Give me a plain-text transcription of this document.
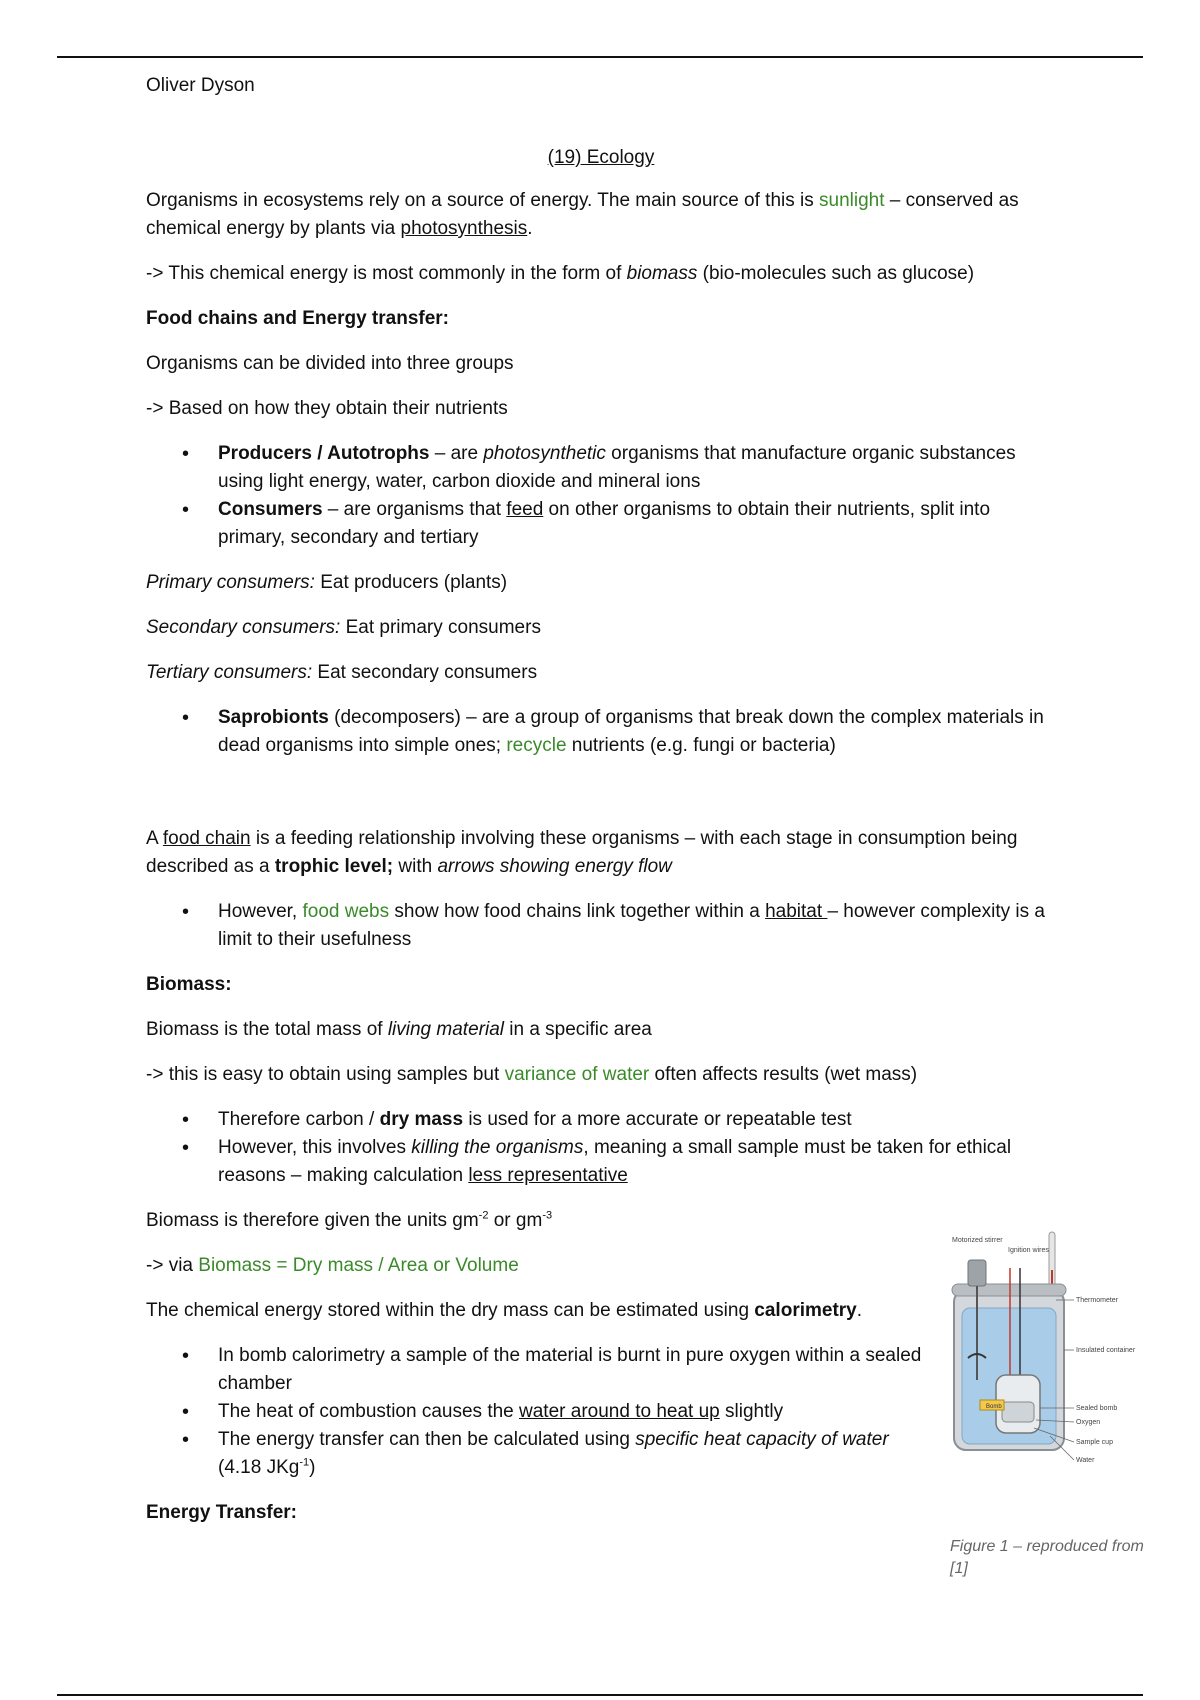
Oliver Dyson

(19) Ecology

Organisms in ecosystems rely on a source of energy. The main source of this is sunlight – conserved as chemical energy by plants via photosynthesis.

-> This chemical energy is most commonly in the form of biomass (bio-molecules such as glucose)

Food chains and Energy transfer:

Organisms can be divided into three groups

-> Based on how they obtain their nutrients

• Producers / Autotrophs – are photosynthetic organisms that manufacture organic substances using light energy, water, carbon dioxide and mineral ions
• Consumers – are organisms that feed on other organisms to obtain their nutrients, split into primary, secondary and tertiary

Primary consumers: Eat producers (plants)

Secondary consumers: Eat primary consumers

Tertiary consumers: Eat secondary consumers

• Saprobionts (decomposers) – are a group of organisms that break down the complex materials in dead organisms into simple ones; recycle nutrients (e.g. fungi or bacteria)

A food chain is a feeding relationship involving these organisms – with each stage in consumption being described as a trophic level; with arrows showing energy flow

• However, food webs show how food chains link together within a habitat – however complexity is a limit to their usefulness

Biomass:

Biomass is the total mass of living material in a specific area

-> this is easy to obtain using samples but variance of water often affects results (wet mass)

• Therefore carbon / dry mass is used for a more accurate or repeatable test
• However, this involves killing the organisms, meaning a small sample must be taken for ethical reasons – making calculation less representative

Biomass is therefore given the units $gm^{-2}$ or $gm^{-3}$

-> via Biomass = Dry mass / Area or Volume

The chemical energy stored within the dry mass can be estimated using calorimetry.

• In bomb calorimetry a sample of the material is burnt in pure oxygen within a sealed chamber
• The heat of combustion causes the water around to heat up slightly
• The energy transfer can then be calculated using specific heat capacity of water (4.18 JKg$^{-1}$)

Energy Transfer:

Bomb
Motorized stirrer
Ignition wires
Thermometer
Insulated container
Sealed bomb
Oxygen
Sample cup
Water
Figure 1 – reproduced from [1]
